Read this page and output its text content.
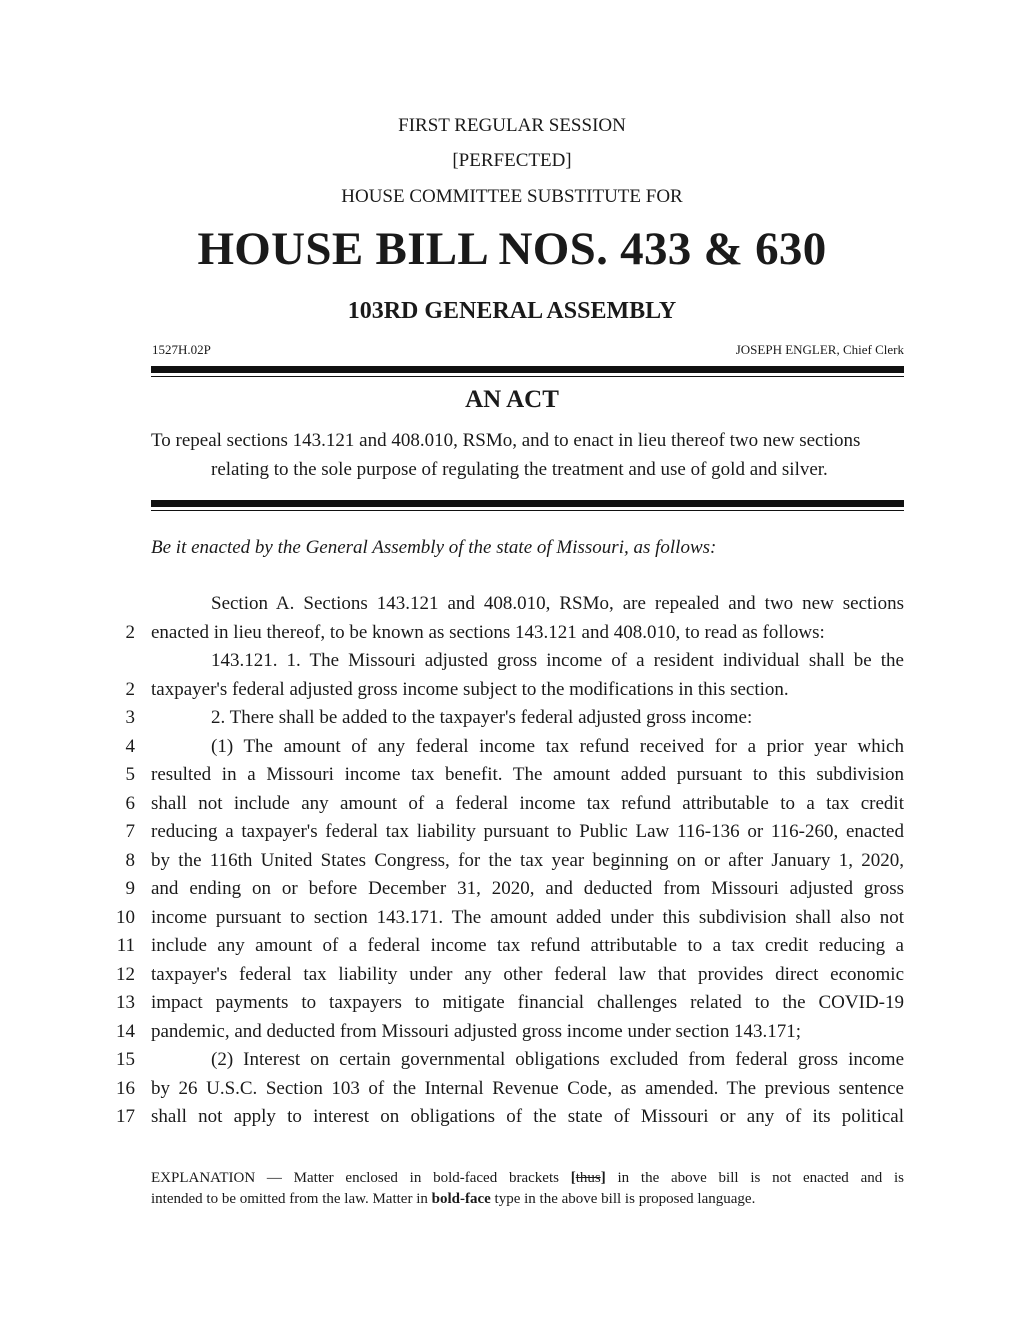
FIRST REGULAR SESSION
[PERFECTED]
HOUSE COMMITTEE SUBSTITUTE FOR
HOUSE BILL NOS. 433 & 630
103RD GENERAL ASSEMBLY
1527H.02P	JOSEPH ENGLER, Chief Clerk
AN ACT
To repeal sections 143.121 and 408.010, RSMo, and to enact in lieu thereof two new sections
relating to the sole purpose of regulating the treatment and use of gold and silver.
Be it enacted by the General Assembly of the state of Missouri, as follows:
Section A. Sections 143.121 and 408.010, RSMo, are repealed and two new sections
2 enacted in lieu thereof, to be known as sections 143.121 and 408.010, to read as follows:
143.121. 1. The Missouri adjusted gross income of a resident individual shall be the
2 taxpayer's federal adjusted gross income subject to the modifications in this section.
3	2. There shall be added to the taxpayer's federal adjusted gross income:
4	(1) The amount of any federal income tax refund received for a prior year which
5 resulted in a Missouri income tax benefit. The amount added pursuant to this subdivision
6 shall not include any amount of a federal income tax refund attributable to a tax credit
7 reducing a taxpayer's federal tax liability pursuant to Public Law 116-136 or 116-260, enacted
8 by the 116th United States Congress, for the tax year beginning on or after January 1, 2020,
9 and ending on or before December 31, 2020, and deducted from Missouri adjusted gross
10 income pursuant to section 143.171. The amount added under this subdivision shall also not
11 include any amount of a federal income tax refund attributable to a tax credit reducing a
12 taxpayer's federal tax liability under any other federal law that provides direct economic
13 impact payments to taxpayers to mitigate financial challenges related to the COVID-19
14 pandemic, and deducted from Missouri adjusted gross income under section 143.171;
15	(2) Interest on certain governmental obligations excluded from federal gross income
16 by 26 U.S.C. Section 103 of the Internal Revenue Code, as amended. The previous sentence
17 shall not apply to interest on obligations of the state of Missouri or any of its political
EXPLANATION — Matter enclosed in bold-faced brackets [thus] in the above bill is not enacted and is
intended to be omitted from the law. Matter in bold-face type in the above bill is proposed language.
